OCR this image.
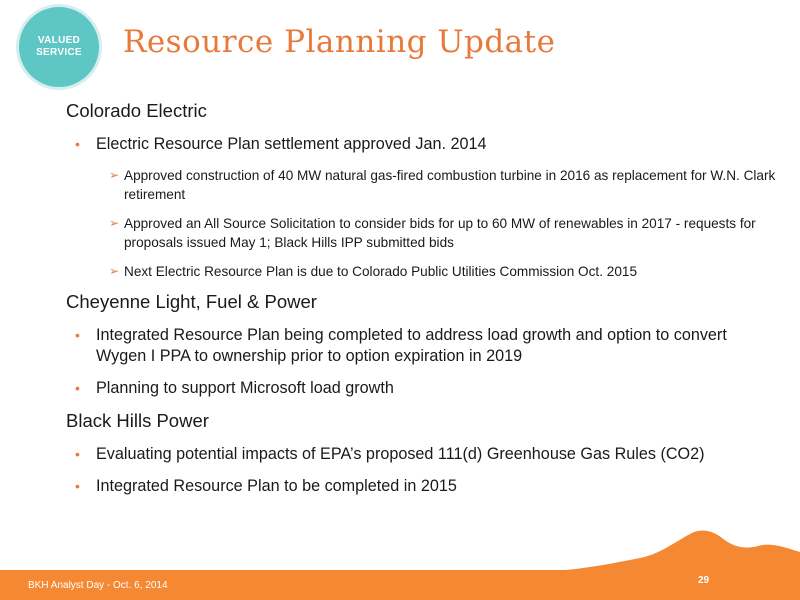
VALUED
SERVICE Resource Planning Update
Colorado Electric
• Electric Resource Plan settlement approved Jan. 2014
➢ Approved construction of 40 MW natural gas-fired combustion turbine in 2016 as replacement for W.N. Clark retirement
➢ Approved an All Source Solicitation to consider bids for up to 60 MW of renewables in 2017 - requests for proposals issued May 1; Black Hills IPP submitted bids
➢ Next Electric Resource Plan is due to Colorado Public Utilities Commission Oct. 2015
Cheyenne Light, Fuel & Power
• Integrated Resource Plan being completed to address load growth and option to convert Wygen I PPA to ownership prior to option expiration in 2019
• Planning to support Microsoft load growth
Black Hills Power
• Evaluating potential impacts of EPA’s proposed 111(d) Greenhouse Gas Rules (CO2)
• Integrated Resource Plan to be completed in 2015
BKH Analyst Day - Oct. 6, 2014	29
